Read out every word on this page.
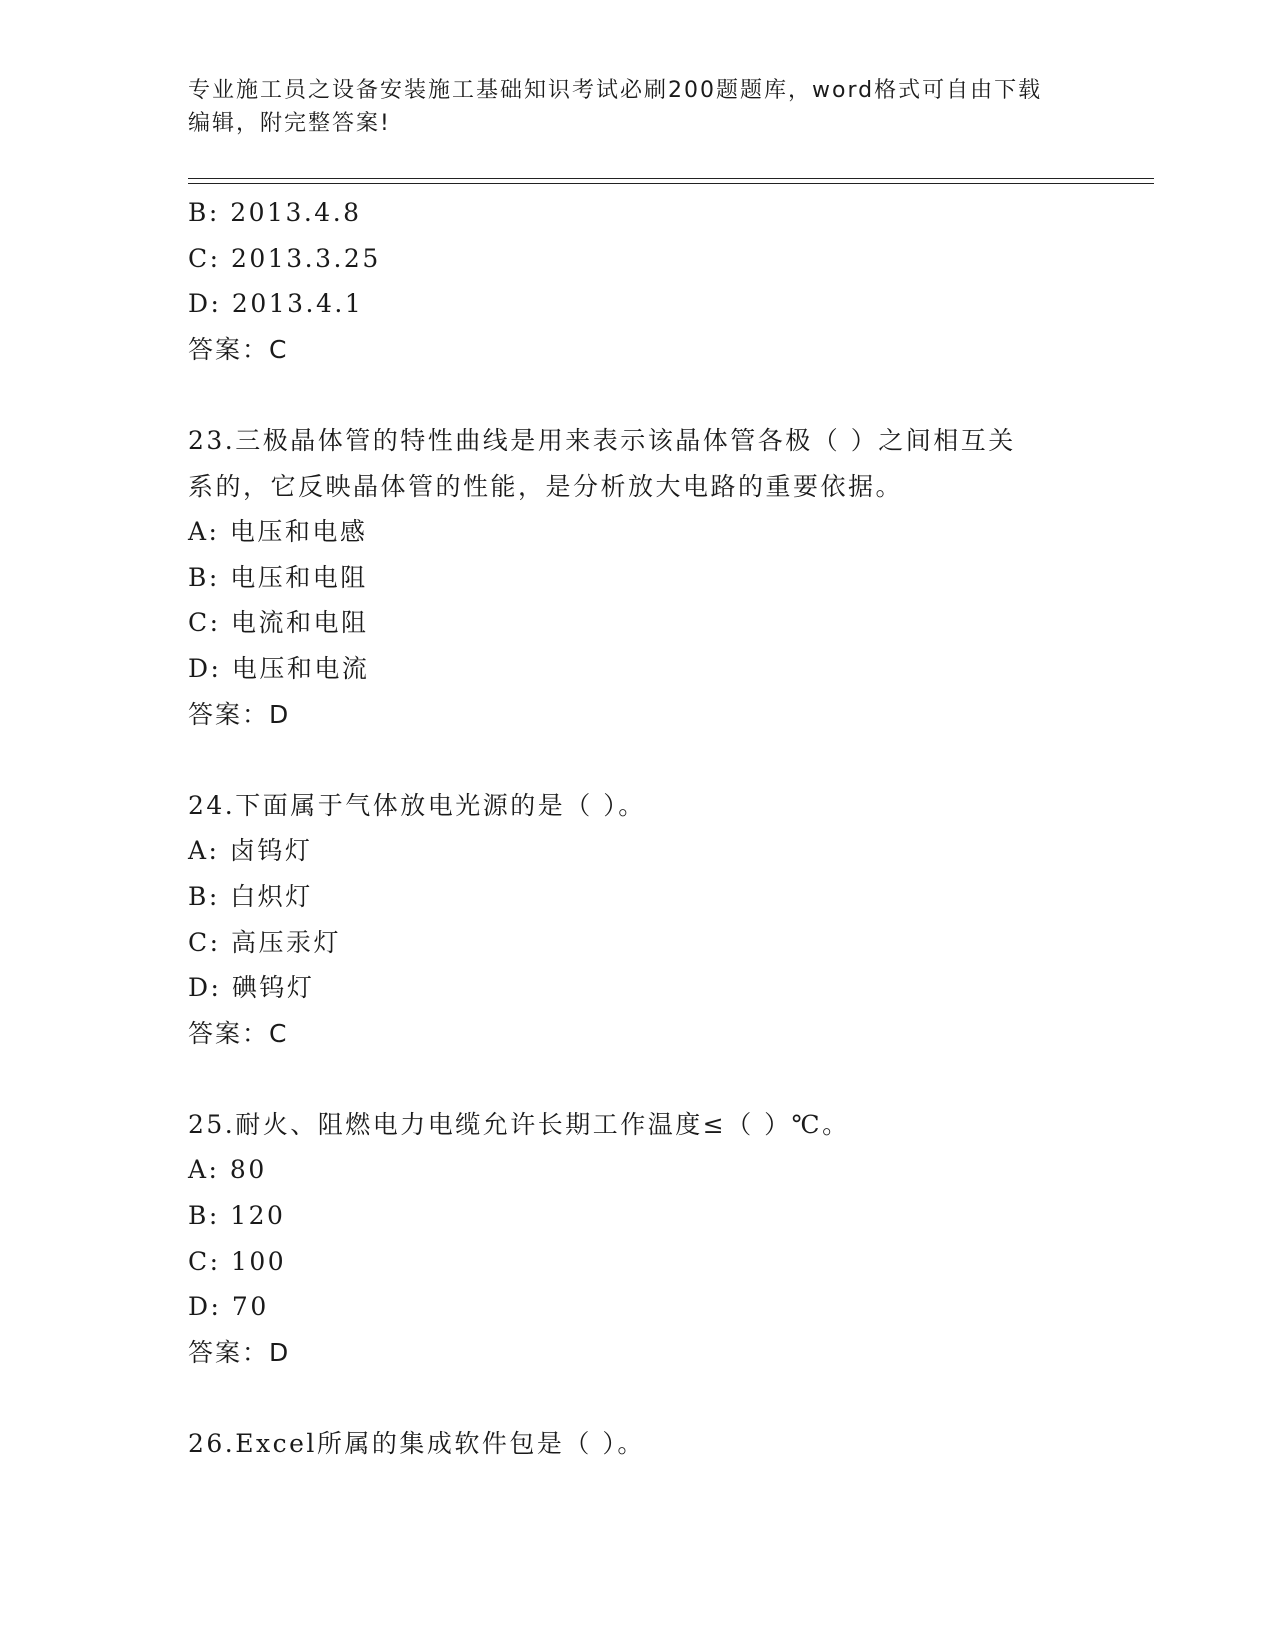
专业施工员之设备安装施工基础知识考试必刷200题题库，word格式可自由下载
编辑，附完整答案!
B: 2013.4.8
C: 2013.3.25
D: 2013.4.1
答案：C
23.三极晶体管的特性曲线是用来表示该晶体管各极（ ）之间相互关
系的，它反映晶体管的性能，是分析放大电路的重要依据。
A: 电压和电感
B: 电压和电阻
C: 电流和电阻
D: 电压和电流
答案：D
24.下面属于气体放电光源的是（ ）。
A: 卤钨灯
B: 白炽灯
C: 高压汞灯
D: 碘钨灯
答案：C
25.耐火、阻燃电力电缆允许长期工作温度≤（ ）℃。
A: 80
B: 120
C: 100
D: 70
答案：D
26.Excel所属的集成软件包是（ ）。
